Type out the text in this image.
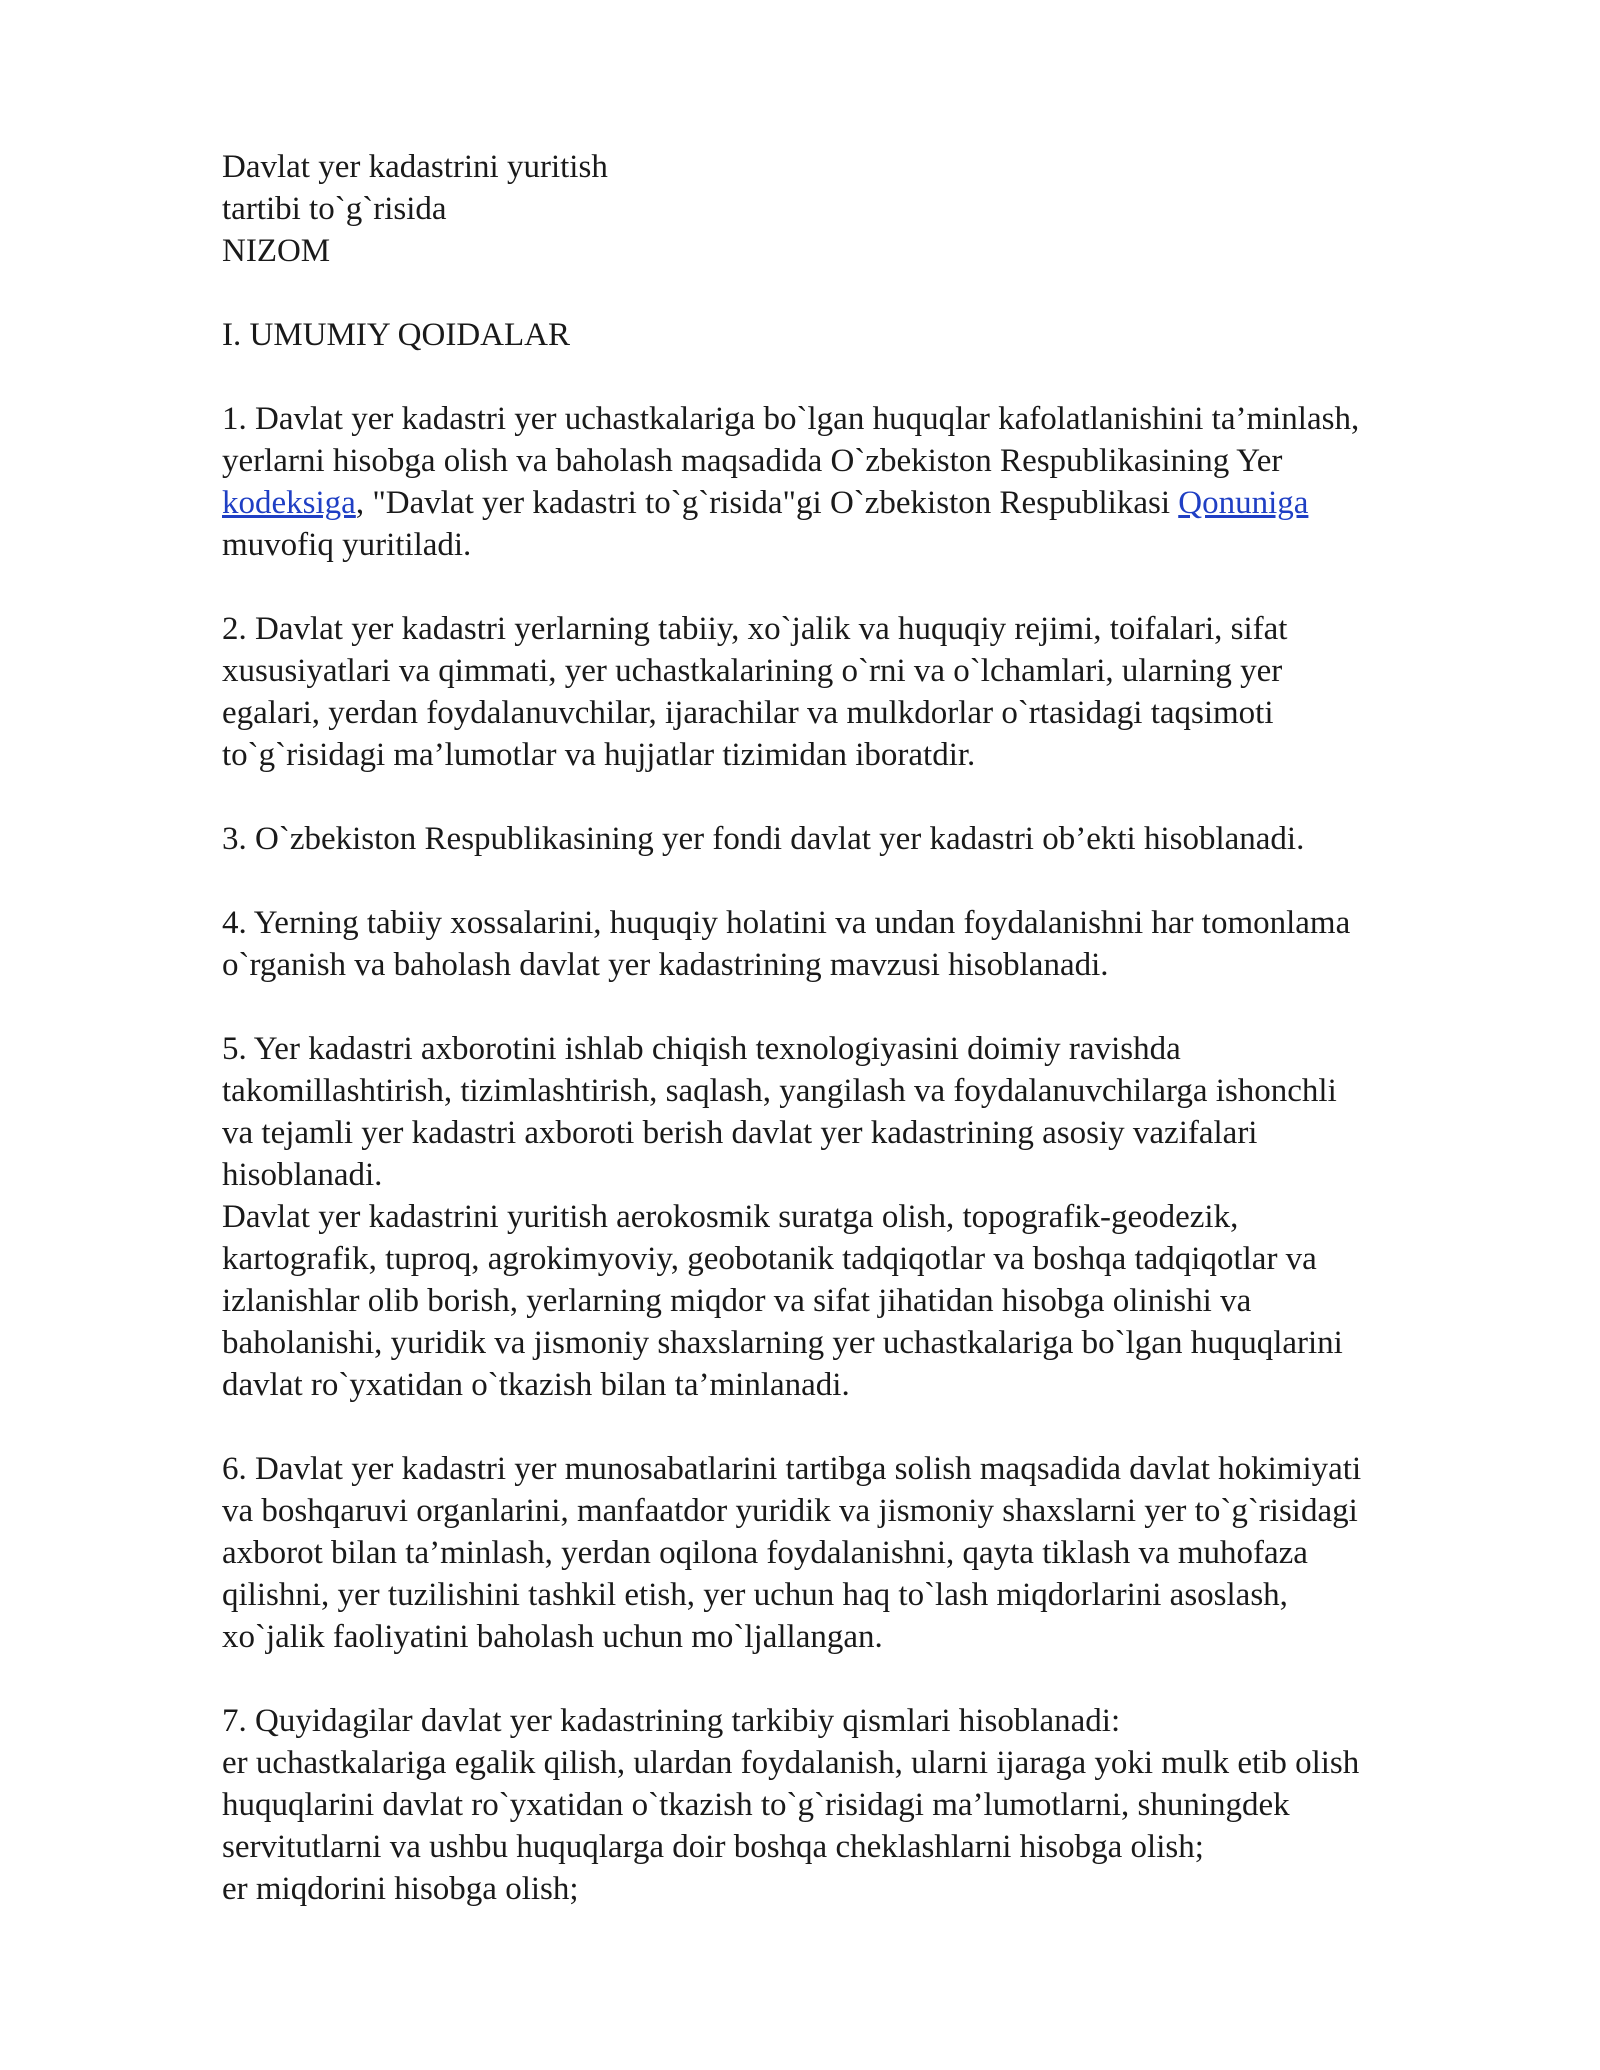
Davlat yer kadastrini yuritish
tartibi to`g`risida
NIZOM
I. UMUMIY QOIDALAR
1. Davlat yer kadastri yer uchastkalariga bo`lgan huquqlar kafolatlanishini ta’minlash,
yerlarni hisobga olish va baholash maqsadida O`zbekiston Respublikasining Yer
kodeksiga, "Davlat yer kadastri to`g`risida"gi O`zbekiston Respublikasi Qonuniga
muvofiq yuritiladi.
2. Davlat yer kadastri yerlarning tabiiy, xo`jalik va huquqiy rejimi, toifalari, sifat
xususiyatlari va qimmati, yer uchastkalarining o`rni va o`lchamlari, ularning yer
egalari, yerdan foydalanuvchilar, ijarachilar va mulkdorlar o`rtasidagi taqsimoti
to`g`risidagi ma’lumotlar va hujjatlar tizimidan iboratdir.
3. O`zbekiston Respublikasining yer fondi davlat yer kadastri ob’ekti hisoblanadi.
4. Yerning tabiiy xossalarini, huquqiy holatini va undan foydalanishni har tomonlama
o`rganish va baholash davlat yer kadastrining mavzusi hisoblanadi.
5. Yer kadastri axborotini ishlab chiqish texnologiyasini doimiy ravishda
takomillashtirish, tizimlashtirish, saqlash, yangilash va foydalanuvchilarga ishonchli
va tejamli yer kadastri axboroti berish davlat yer kadastrining asosiy vazifalari
hisoblanadi.
Davlat yer kadastrini yuritish aerokosmik suratga olish, topografik-geodezik,
kartografik, tuproq, agrokimyoviy, geobotanik tadqiqotlar va boshqa tadqiqotlar va
izlanishlar olib borish, yerlarning miqdor va sifat jihatidan hisobga olinishi va
baholanishi, yuridik va jismoniy shaxslarning yer uchastkalariga bo`lgan huquqlarini
davlat ro`yxatidan o`tkazish bilan ta’minlanadi.
6. Davlat yer kadastri yer munosabatlarini tartibga solish maqsadida davlat hokimiyati
va boshqaruvi organlarini, manfaatdor yuridik va jismoniy shaxslarni yer to`g`risidagi
axborot bilan ta’minlash, yerdan oqilona foydalanishni, qayta tiklash va muhofaza
qilishni, yer tuzilishini tashkil etish, yer uchun haq to`lash miqdorlarini asoslash,
xo`jalik faoliyatini baholash uchun mo`ljallangan.
7. Quyidagilar davlat yer kadastrining tarkibiy qismlari hisoblanadi:
er uchastkalariga egalik qilish, ulardan foydalanish, ularni ijaraga yoki mulk etib olish
huquqlarini davlat ro`yxatidan o`tkazish to`g`risidagi ma’lumotlarni, shuningdek
servitutlarni va ushbu huquqlarga doir boshqa cheklashlarni hisobga olish;
er miqdorini hisobga olish;
